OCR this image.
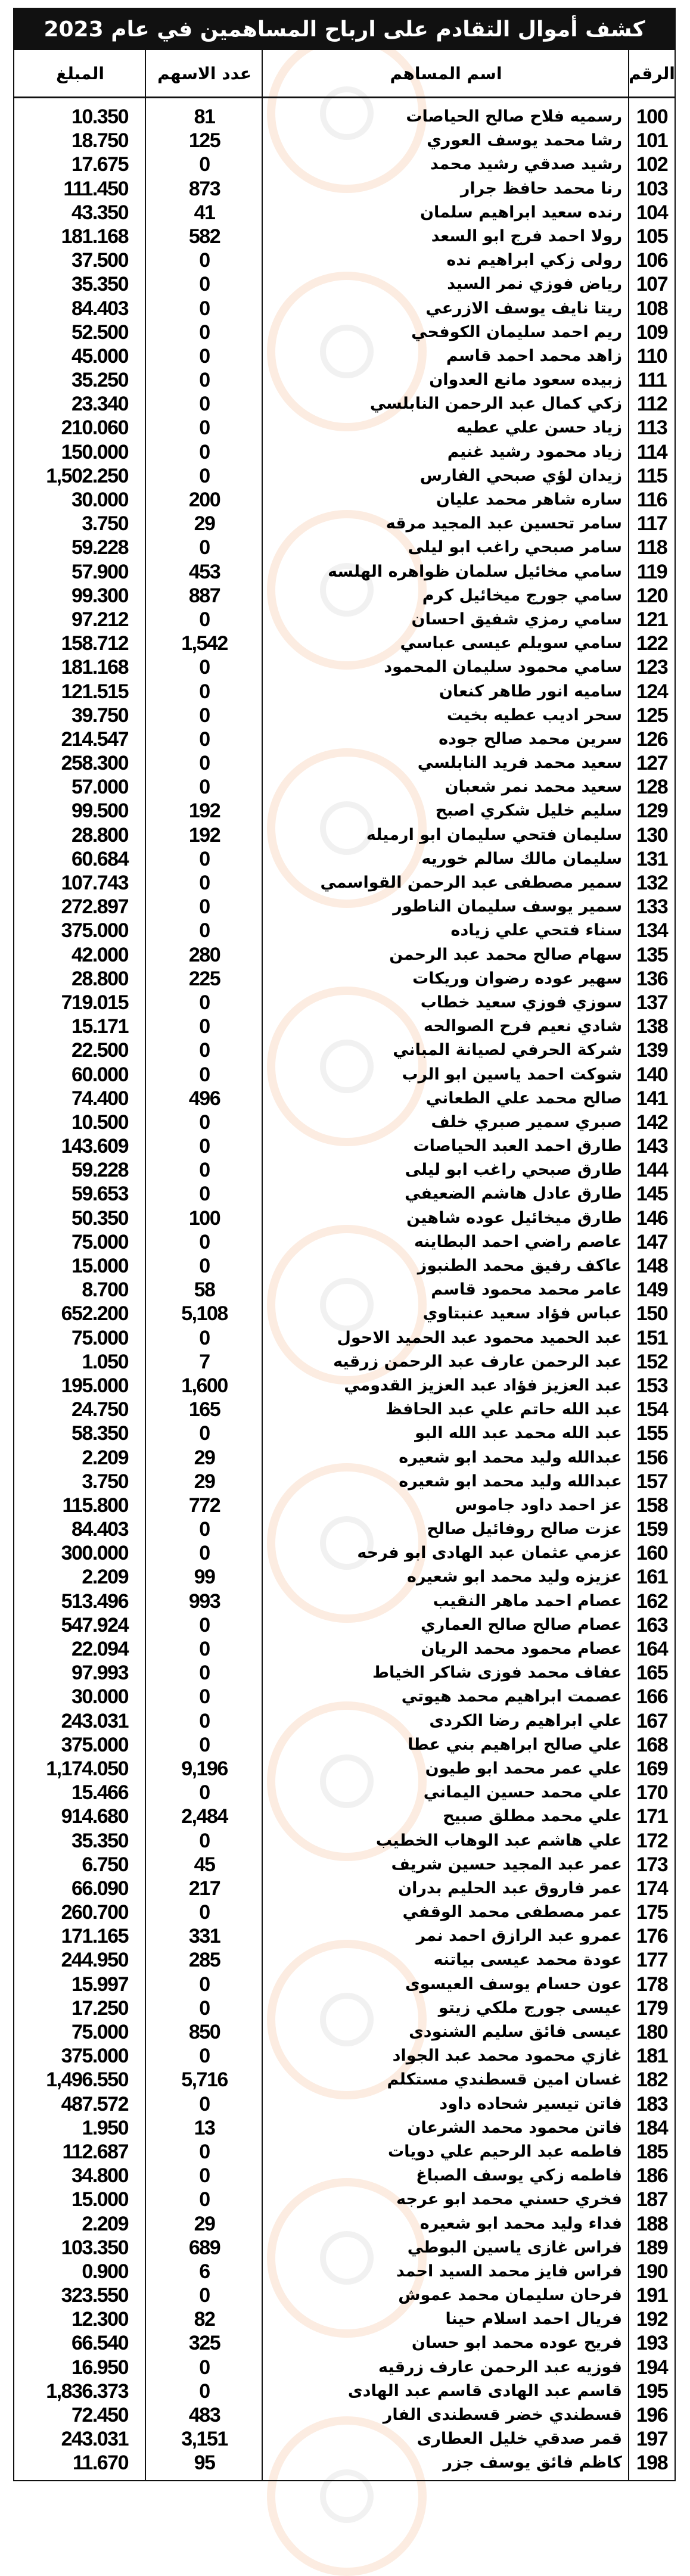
كشف أموال التقادم على ارباح المساهمين في عام 2023
المبلغ	عدد الاسهم	اسم المساهم	الرقم
10.350	81	رسميه فلاح صالح الحياصات 100
18.750	125	رشا محمد يوسف العوري 101
17.675	0	رشيد صدقي رشيد محمد 102
111.450	873	رنا محمد حافظ جرار 103
43.350	41	رنده سعيد ابراهيم سلمان 104
181.168	582	رولا احمد فرج ابو السعد 105
37.500	0	رولى زكي ابراهيم نده 106
35.350	0	رياض فوزي نمر السيد 107
84.403	0	ريتا نايف يوسف الازرعي 108
52.500	0	ريم احمد سليمان الكوفحي 109
45.000	0	زاهد محمد احمد قاسم 110
35.250	0	زبيده سعود مانع العدوان 111
23.340	0	زكي كمال عبد الرحمن النابلسي 112
210.060	0	زياد حسن علي عطيه 113
150.000	0	زياد محمود رشيد غنيم 114
1,502.250	0	زيدان لؤي صبحي الفارس 115
30.000	200	ساره شاهر محمد عليان 116
3.750	29	سامر تحسين عبد المجيد مرقه 117
59.228	0	سامر صبحي راغب ابو ليلى 118
57.900	453	سامي مخائيل سلمان ظواهره الهلسه 119
99.300	887	سامي جورج ميخائيل كرم 120
97.212	0	سامي رمزي شفيق احسان 121
158.712	1,542	سامي سويلم عيسى عباسي 122
181.168	0	سامي محمود سليمان المحمود 123
121.515	0	ساميه انور طاهر كنعان 124
39.750	0	سحر اديب عطيه بخيت 125
214.547	0	سرين محمد صالح جوده 126
258.300	0	سعيد محمد فريد النابلسي 127
57.000	0	سعيد محمد نمر شعبان 128
99.500	192	سليم خليل شكري اصبح 129
28.800	192	سليمان فتحي سليمان ابو ارميله 130
60.684	0	سليمان مالك سالم خوريه 131
107.743	0	سمير مصطفى عبد الرحمن القواسمي 132
272.897	0	سمير يوسف سليمان الناطور 133
375.000	0	سناء فتحي علي زياده 134
42.000	280	سهام صالح محمد عبد الرحمن 135
28.800	225	سهير عوده رضوان وريكات 136
719.015	0	سوزي فوزي سعيد خطاب 137
15.171	0	شادي نعيم فرح الصوالحه 138
22.500	0	شركة الحرفي لصيانة المباني 139
60.000	0	شوكت احمد ياسين ابو الرب 140
74.400	496	صالح محمد علي الطعاني 141
10.500	0	صبري سمير صبري خلف 142
143.609	0	طارق احمد العبد الحياصات 143
59.228	0	طارق صبحي راغب ابو ليلى 144
59.653	0	طارق عادل هاشم الضعيفي 145
50.350	100	طارق ميخائيل عوده شاهين 146
75.000	0	عاصم راضي احمد البطاينه 147
15.000	0	عاكف رفيق محمد الطنبوز 148
8.700	58	عامر محمد محمود قاسم 149
652.200	5,108	عباس فؤاد سعيد عنبتاوي 150
75.000	0	عبد الحميد محمود عبد الحميد الاحول 151
1.050	7	عبد الرحمن عارف عبد الرحمن زرقيه 152
195.000	1,600	عبد العزيز فؤاد عبد العزيز القدومي 153
24.750	165	عبد الله حاتم علي عبد الحافظ 154
58.350	0	عبد الله محمد عبد الله البو 155
2.209	29	عبدالله وليد محمد ابو شعيره 156
3.750	29	عبدالله وليد محمد ابو شعيره 157
115.800	772	عز احمد داود جاموس 158
84.403	0	عزت صالح روفائيل صالح 159
300.000	0	عزمي عثمان عبد الهادى ابو فرحه 160
2.209	99	عزيزه وليد محمد ابو شعيره 161
513.496	993	عصام احمد ماهر النقيب 162
547.924	0	عصام صالح صالح العماري 163
22.094	0	عصام محمود محمد الريان 164
97.993	0	عفاف محمد فوزى شاكر الخياط 165
30.000	0	عصمت ابراهيم محمد هيوتي 166
243.031	0	علي ابراهيم رضا الكردى 167
375.000	0	علي صالح ابراهيم بني عطا 168
1,174.050	9,196	علي عمر محمد ابو طيون 169
15.466	0	علي محمد حسين اليماني 170
914.680	2,484	علي محمد مطلق صبيح 171
35.350	0	علي هاشم عبد الوهاب الخطيب 172
6.750	45	عمر عبد المجيد حسين شريف 173
66.090	217	عمر فاروق عبد الحليم بدران 174
260.700	0	عمر مصطفى محمد الوقفي 175
171.165	331	عمرو عبد الرازق احمد نمر 176
244.950	285	عودة محمد عيسى بياتنه 177
15.997	0	عون حسام يوسف العيسوى 178
17.250	0	عيسى جورج ملكي زيتو 179
75.000	850	عيسى فائق سليم الشنودى 180
375.000	0	غازي محمود محمد عبد الجواد 181
1,496.550	5,716	غسان امين قسطندي مستكلم 182
487.572	0	فاتن تيسير شحاده داود 183
1.950	13	فاتن محمود محمد الشرعان 184
112.687	0	فاطمه عبد الرحيم علي دويات 185
34.800	0	فاطمه زكي يوسف الصباغ 186
15.000	0	فخري حسني محمد ابو عرجه 187
2.209	29	فداء وليد محمد ابو شعيره 188
103.350	689	فراس غازى ياسين البوطي 189
0.900	6	فراس فايز محمد السيد احمد 190
323.550	0	فرحان سليمان محمد عموش 191
12.300	82	فريال احمد اسلام حينا 192
66.540	325	فريح عوده محمد ابو حسان 193
16.950	0	فوزيه عبد الرحمن عارف زرقيه 194
1,836.373	0	قاسم عبد الهادى قاسم عبد الهادى 195
72.450	483	قسطندي خضر قسطندى الفار 196
243.031	3,151	قمر صدقي خليل العطارى 197
11.670	95	كاظم فائق يوسف جزر 198
